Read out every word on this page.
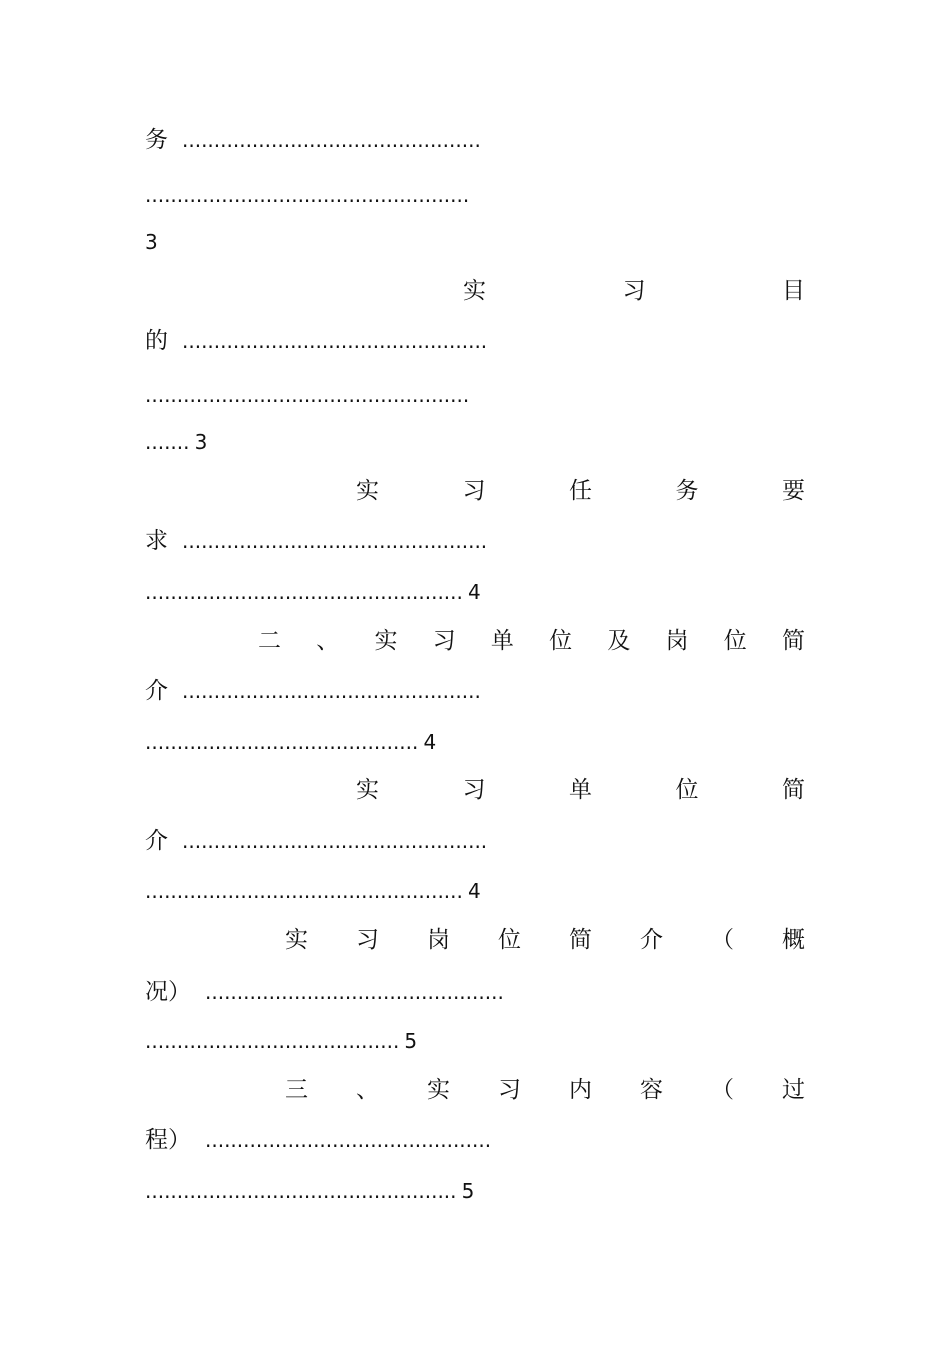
务 ...............................................
...................................................
3
实	习	目
的 ................................................
...................................................
....... 3
实	习	任	务	要
求 ................................................
.................................................. 4
二 、 实 习 单 位 及 岗 位 简
介 ...............................................
........................................... 4
实	习	单	位	简
介 ................................................
.................................................. 4
实 习 岗 位 简 介 （ 概
况） ...............................................
........................................ 5
三 、 实 习 内 容 （ 过
程） .............................................
................................................. 5
